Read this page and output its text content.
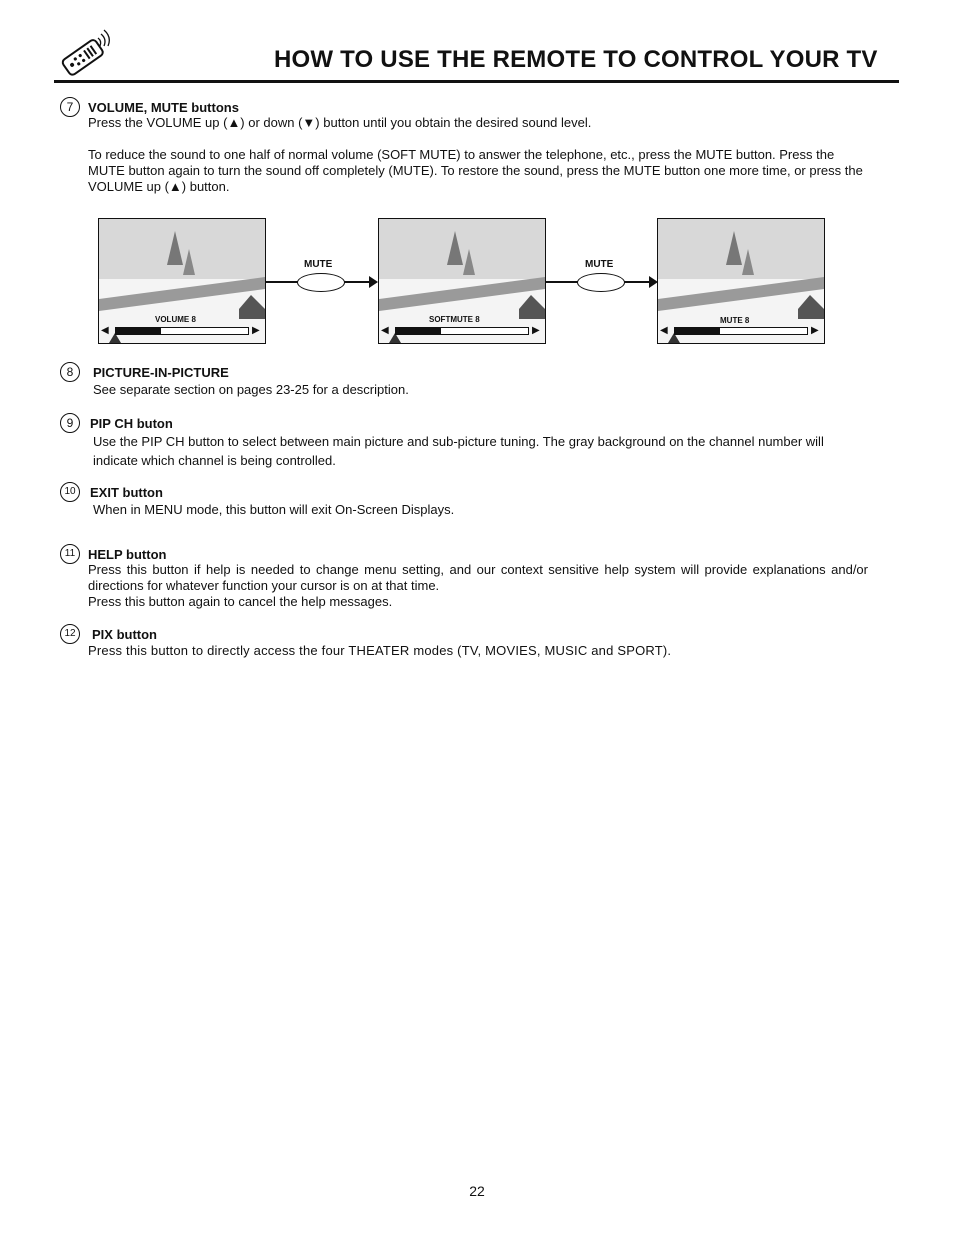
HOW TO USE THE REMOTE TO CONTROL YOUR TV
7	VOLUME, MUTE buttons

Press the VOLUME up (▲) or down (▼) button until you obtain the desired sound level.

To reduce the sound to one half of normal volume (SOFT MUTE) to answer the telephone, etc., press the MUTE button. Press the MUTE button again to turn the sound off completely (MUTE). To restore the sound, press the MUTE button one more time, or press the VOLUME up (▲) button.

VOLUME 8
◀	▶
MUTE
SOFTMUTE 8
◀	▶
MUTE
MUTE 8
◀	▶
8	PICTURE-IN-PICTURE

See separate section on pages 23-25 for a description.

9	PIP CH buton

Use the PIP CH button to select between main picture and sub-picture tuning. The gray background on the channel number will indicate which channel is being controlled.

10	EXIT button

When in MENU mode, this button will exit On-Screen Displays.

11 HELP button

Press this button if help is needed to change menu setting, and our context sensitive help system will provide explanations and/or directions for whatever function your cursor is on at that time.

Press this button again to cancel the help messages.

12	PIX button

Press this button to directly access the four THEATER modes (TV, MOVIES, MUSIC and SPORT).

22
